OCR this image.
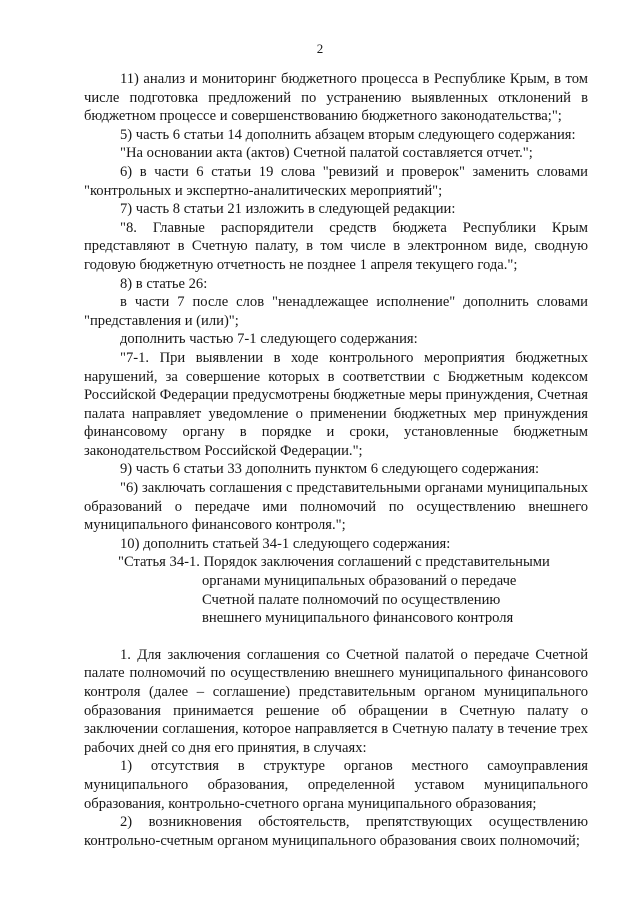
2

11) анализ и мониторинг бюджетного процесса в Республике Крым, в том числе подготовка предложений по устранению выявленных отклонений в бюджетном процессе и совершенствованию бюджетного законодательства;";

5) часть 6 статьи 14 дополнить абзацем вторым следующего содержания:

"На основании акта (актов) Счетной палатой составляется отчет.";

6) в части 6 статьи 19 слова "ревизий и проверок" заменить словами "контрольных и экспертно-аналитических мероприятий";

7) часть 8 статьи 21 изложить в следующей редакции:

"8. Главные распорядители средств бюджета Республики Крым представляют в Счетную палату, в том числе в электронном виде, сводную годовую бюджетную отчетность не позднее 1 апреля текущего года.";

8) в статье 26:

в части 7 после слов "ненадлежащее исполнение" дополнить словами "представления и (или)";

дополнить частью 7-1 следующего содержания:

"7-1. При выявлении в ходе контрольного мероприятия бюджетных нарушений, за совершение которых в соответствии с Бюджетным кодексом Российской Федерации предусмотрены бюджетные меры принуждения, Счетная палата направляет уведомление о применении бюджетных мер принуждения финансовому органу в порядке и сроки, установленные бюджетным законодательством Российской Федерации.";

9) часть 6 статьи 33 дополнить пунктом 6 следующего содержания:

"6) заключать соглашения с представительными органами муниципальных образований о передаче ими полномочий по осуществлению внешнего муниципального финансового контроля.";

10) дополнить статьей 34-1 следующего содержания:

"Статья 34-1. Порядок заключения соглашений с представительными
органами муниципальных образований о передаче
Счетной палате полномочий по осуществлению
внешнего муниципального финансового контроля

1. Для заключения соглашения со Счетной палатой о передаче Счетной палате полномочий по осуществлению внешнего муниципального финансового контроля (далее – соглашение) представительным органом муниципального образования принимается решение об обращении в Счетную палату о заключении соглашения, которое направляется в Счетную палату в течение трех рабочих дней со дня его принятия, в случаях:

1) отсутствия в структуре органов местного самоуправления муниципального образования, определенной уставом муниципального образования, контрольно-счетного органа муниципального образования;

2) возникновения обстоятельств, препятствующих осуществлению контрольно-счетным органом муниципального образования своих полномочий;
